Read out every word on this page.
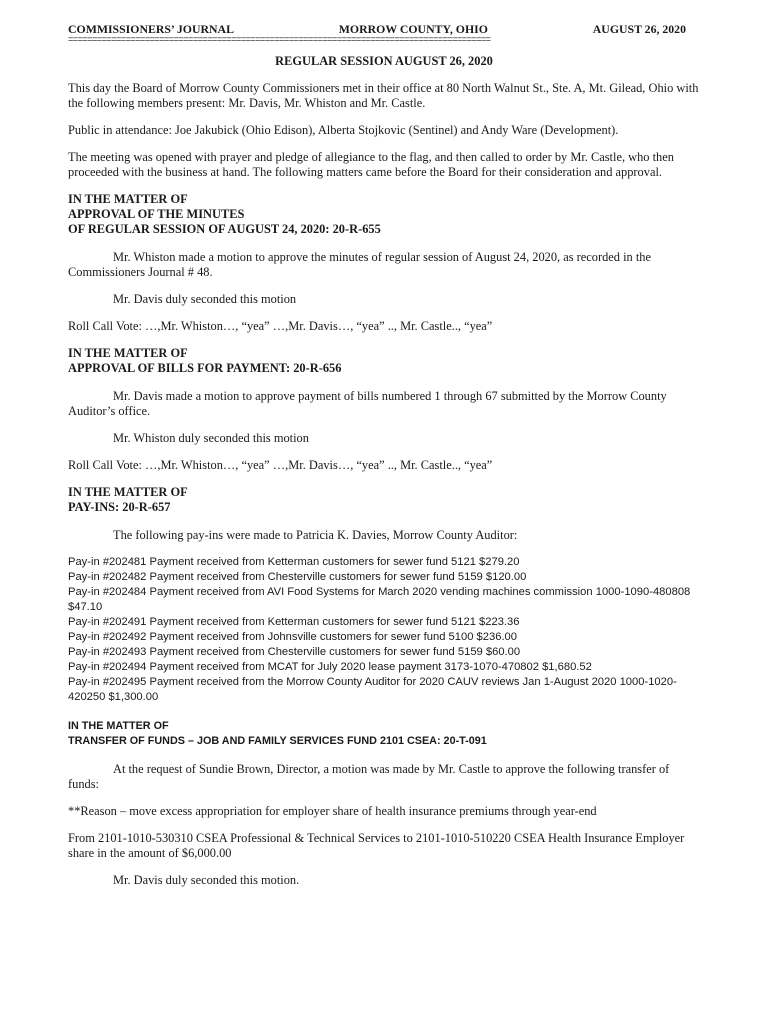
COMMISSIONERS’ JOURNAL	MORROW COUNTY, OHIO	AUGUST 26, 2020
========================================================================================
REGULAR SESSION AUGUST 26, 2020

This day the Board of Morrow County Commissioners met in their office at 80 North Walnut St., Ste. A, Mt. Gilead, Ohio with the following members present: Mr. Davis, Mr. Whiston and Mr. Castle.

Public in attendance: Joe Jakubick (Ohio Edison), Alberta Stojkovic (Sentinel) and Andy Ware (Development).

The meeting was opened with prayer and pledge of allegiance to the flag, and then called to order by Mr. Castle, who then proceeded with the business at hand. The following matters came before the Board for their consideration and approval.

IN THE MATTER OF
APPROVAL OF THE MINUTES
OF REGULAR SESSION OF AUGUST 24, 2020: 20-R-655

Mr. Whiston made a motion to approve the minutes of regular session of August 24, 2020, as recorded in the Commissioners Journal # 48.

Mr. Davis duly seconded this motion

Roll Call Vote: …,Mr. Whiston…, “yea” …,Mr. Davis…, “yea” .., Mr. Castle.., “yea”

IN THE MATTER OF
APPROVAL OF BILLS FOR PAYMENT: 20-R-656

Mr. Davis made a motion to approve payment of bills numbered 1 through 67 submitted by the Morrow County Auditor’s office.

Mr. Whiston duly seconded this motion

Roll Call Vote: …,Mr. Whiston…, “yea” …,Mr. Davis…, “yea” .., Mr. Castle.., “yea”

IN THE MATTER OF
PAY-INS: 20-R-657

The following pay-ins were made to Patricia K. Davies, Morrow County Auditor:

Pay-in #202481 Payment received from Ketterman customers for sewer fund 5121 $279.20
Pay-in #202482 Payment received from Chesterville customers for sewer fund 5159 $120.00
Pay-in #202484 Payment received from AVI Food Systems for March 2020 vending machines commission 1000-1090-480808 $47.10
Pay-in #202491 Payment received from Ketterman customers for sewer fund 5121 $223.36
Pay-in #202492 Payment received from Johnsville customers for sewer fund 5100 $236.00
Pay-in #202493 Payment received from Chesterville customers for sewer fund 5159 $60.00
Pay-in #202494 Payment received from MCAT for July 2020 lease payment 3173-1070-470802 $1,680.52
Pay-in #202495 Payment received from the Morrow County Auditor for 2020 CAUV reviews Jan 1-August 2020 1000-1020-420250 $1,300.00
IN THE MATTER OF
TRANSFER OF FUNDS – JOB AND FAMILY SERVICES FUND 2101 CSEA: 20-T-091

At the request of Sundie Brown, Director, a motion was made by Mr. Castle to approve the following transfer of funds:

**Reason – move excess appropriation for employer share of health insurance premiums through year-end

From 2101-1010-530310 CSEA Professional & Technical Services to 2101-1010-510220 CSEA Health Insurance Employer share in the amount of $6,000.00

Mr. Davis duly seconded this motion.
